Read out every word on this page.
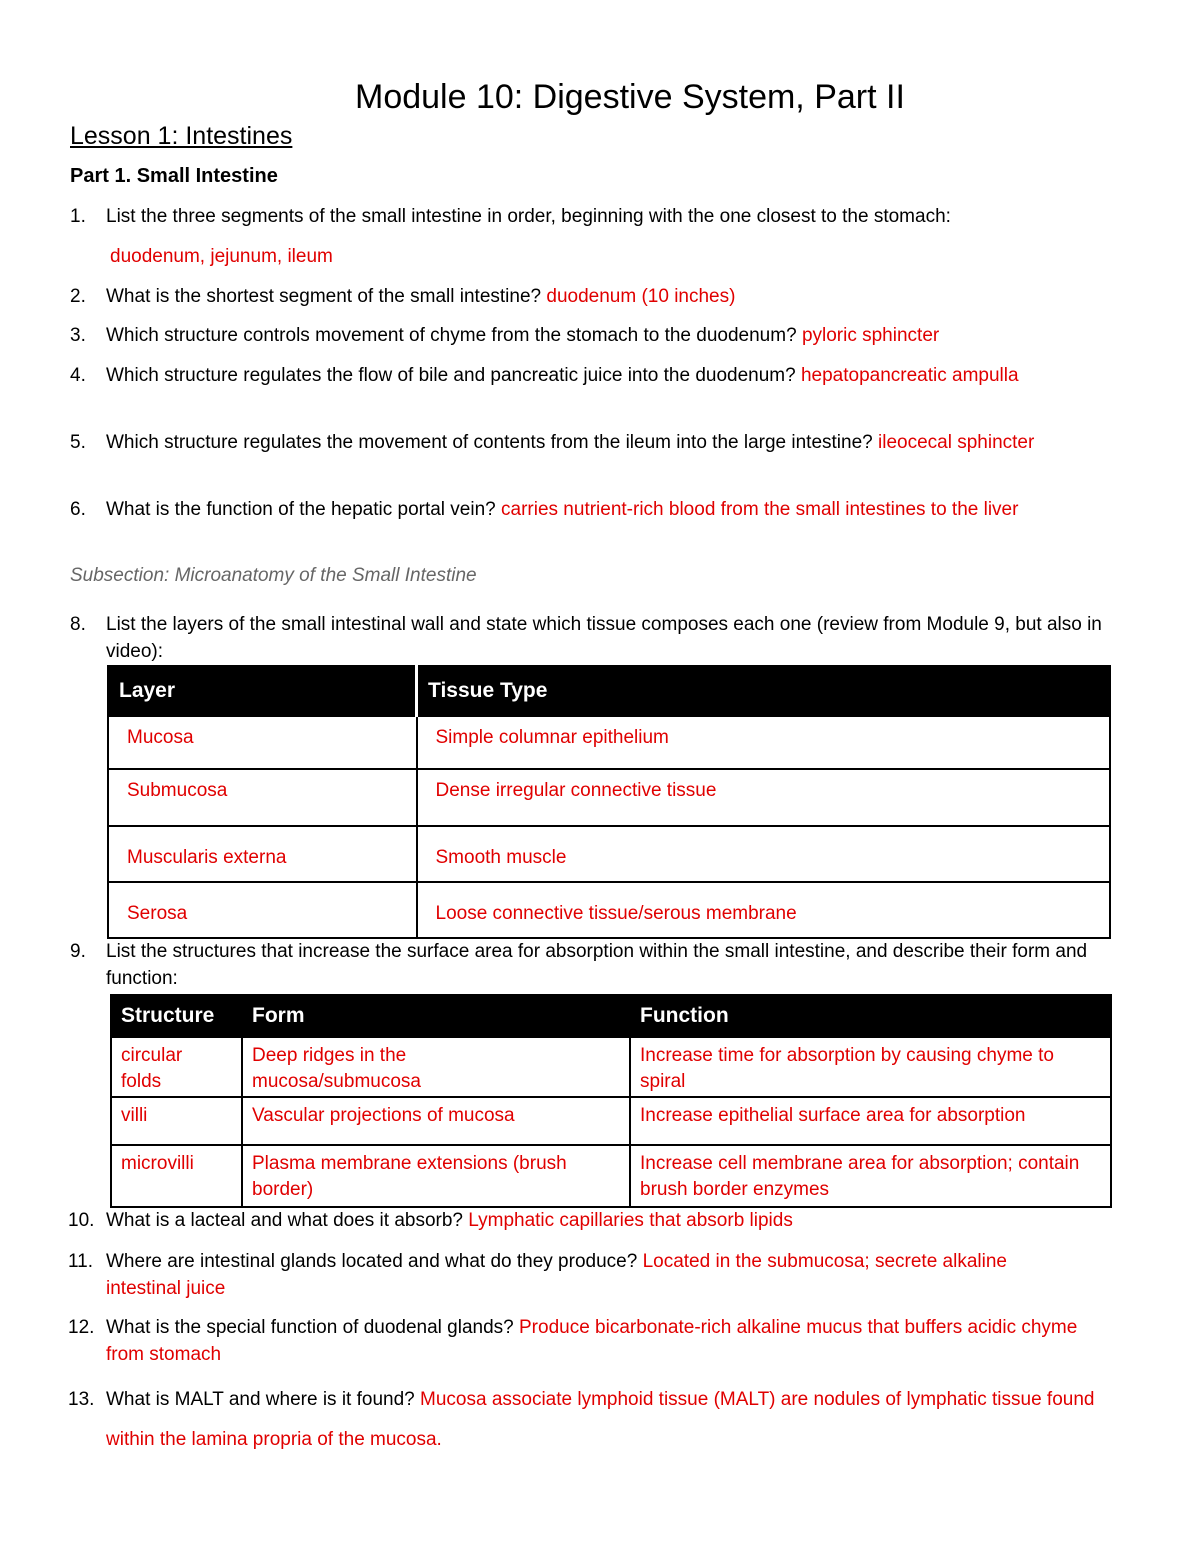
Module 10: Digestive System, Part II
Lesson 1: Intestines
Part 1. Small Intestine
1.	List the three segments of the small intestine in order, beginning with the one closest to the stomach:
duodenum, jejunum, ileum
2.	What is the shortest segment of the small intestine? duodenum (10 inches)
3.	Which structure controls movement of chyme from the stomach to the duodenum? pyloric sphincter
4.	Which structure regulates the flow of bile and pancreatic juice into the duodenum? hepatopancreatic ampulla
5.	Which structure regulates the movement of contents from the ileum into the large intestine? ileocecal sphincter
6.	What is the function of the hepatic portal vein? carries nutrient-rich blood from the small intestines to the liver
Subsection: Microanatomy of the Small Intestine
8.	List the layers of the small intestinal wall and state which tissue composes each one (review from Module 9, but also in video):
Layer	Tissue Type
Mucosa	Simple columnar epithelium
Submucosa	Dense irregular connective tissue
Muscularis externa	Smooth muscle
Serosa	Loose connective tissue/serous membrane
9.	List the structures that increase the surface area for absorption within the small intestine, and describe their form and function:
Structure	Form	Function
circular folds	Deep ridges in the mucosa/submucosa	Increase time for absorption by causing chyme to spiral
villi	Vascular projections of mucosa	Increase epithelial surface area for absorption
microvilli	Plasma membrane extensions (brush border)	Increase cell membrane area for absorption; contain brush border enzymes
10. What is a lacteal and what does it absorb? Lymphatic capillaries that absorb lipids
11. Where are intestinal glands located and what do they produce? Located in the submucosa; secrete alkaline intestinal juice
12. What is the special function of duodenal glands? Produce bicarbonate-rich alkaline mucus that buffers acidic chyme from stomach
13. What is MALT and where is it found? Mucosa associate lymphoid tissue (MALT) are nodules of lymphatic tissue found within the lamina propria of the mucosa.
